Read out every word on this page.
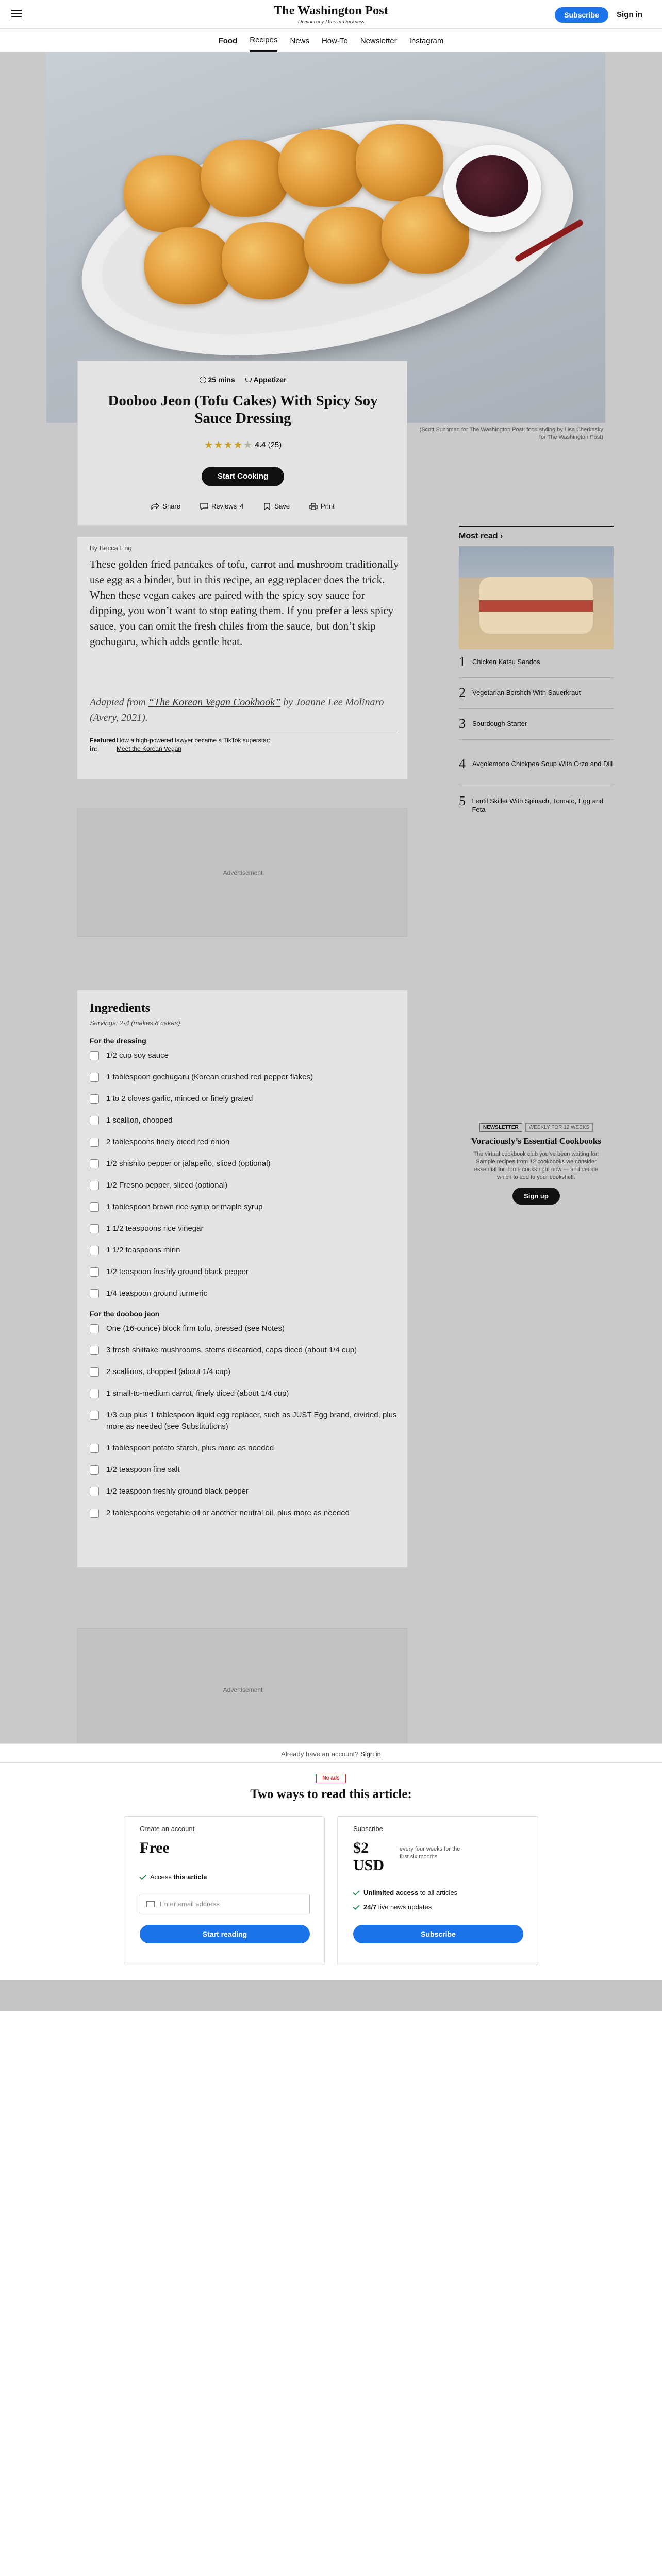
The Washington Post
Democracy Dies in Darkness
Subscribe	Sign in
Food Recipes News How-To Newsletter Instagram
(Scott Suchman for The Washington Post; food styling by Lisa Cherkasky for The Washington Post)
25 mins	Appetizer
Dooboo Jeon (Tofu Cakes) With Spicy Soy Sauce Dressing
★★★★★ 4.4 (25)
Start Cooking
Share	Reviews 4	Save	Print
By Becca Eng

These golden fried pancakes of tofu, carrot and mushroom traditionally use egg as a binder, but in this recipe, an egg replacer does the trick. When these vegan cakes are paired with the spicy soy sauce for dipping, you won’t want to stop eating them. If you prefer a less spicy sauce, you can omit the fresh chiles from the sauce, but don’t skip gochugaru, which adds gentle heat.

Adapted from “The Korean Vegan Cookbook” by Joanne Lee Molinaro (Avery, 2021).

Featured in:
How a high-powered lawyer became a TikTok superstar: Meet the Korean Vegan
Advertisement
Ingredients
Servings: 2-4 (makes 8 cakes)
For the dressing
1/2 cup soy sauce
1 tablespoon gochugaru (Korean crushed red pepper flakes)
1 to 2 cloves garlic, minced or finely grated
1 scallion, chopped
2 tablespoons finely diced red onion
1/2 shishito pepper or jalapeño, sliced (optional)
1/2 Fresno pepper, sliced (optional)
1 tablespoon brown rice syrup or maple syrup
1 1/2 teaspoons rice vinegar
1 1/2 teaspoons mirin
1/2 teaspoon freshly ground black pepper
1/4 teaspoon ground turmeric
For the dooboo jeon
One (16-ounce) block firm tofu, pressed (see Notes)
3 fresh shiitake mushrooms, stems discarded, caps diced (about 1/4 cup)
2 scallions, chopped (about 1/4 cup)
1 small-to-medium carrot, finely diced (about 1/4 cup)
1/3 cup plus 1 tablespoon liquid egg replacer, such as JUST Egg brand, divided, plus more as needed (see Substitutions)
1 tablespoon potato starch, plus more as needed
1/2 teaspoon fine salt
1/2 teaspoon freshly ground black pepper
2 tablespoons vegetable oil or another neutral oil, plus more as needed
Advertisement
Most read ›
1 Chicken Katsu Sandos
2 Vegetarian Borshch With Sauerkraut
3 Sourdough Starter
4 Avgolemono Chickpea Soup With Orzo and Dill
5 Lentil Skillet With Spinach, Tomato, Egg and Feta
NEWSLETTER	WEEKLY FOR 12 WEEKS
Voraciously’s Essential Cookbooks
The virtual cookbook club you’ve been waiting for: Sample recipes from 12 cookbooks we consider essential for home cooks right now — and decide which to add to your bookshelf.
Sign up
Already have an account? Sign in
No ads
Two ways to read this article:
Create an account
Free
Access this article
Enter email address
Start reading
Subscribe
$2 USD
every four weeks for the first six months
Unlimited access to all articles
24/7 live news updates
Subscribe
